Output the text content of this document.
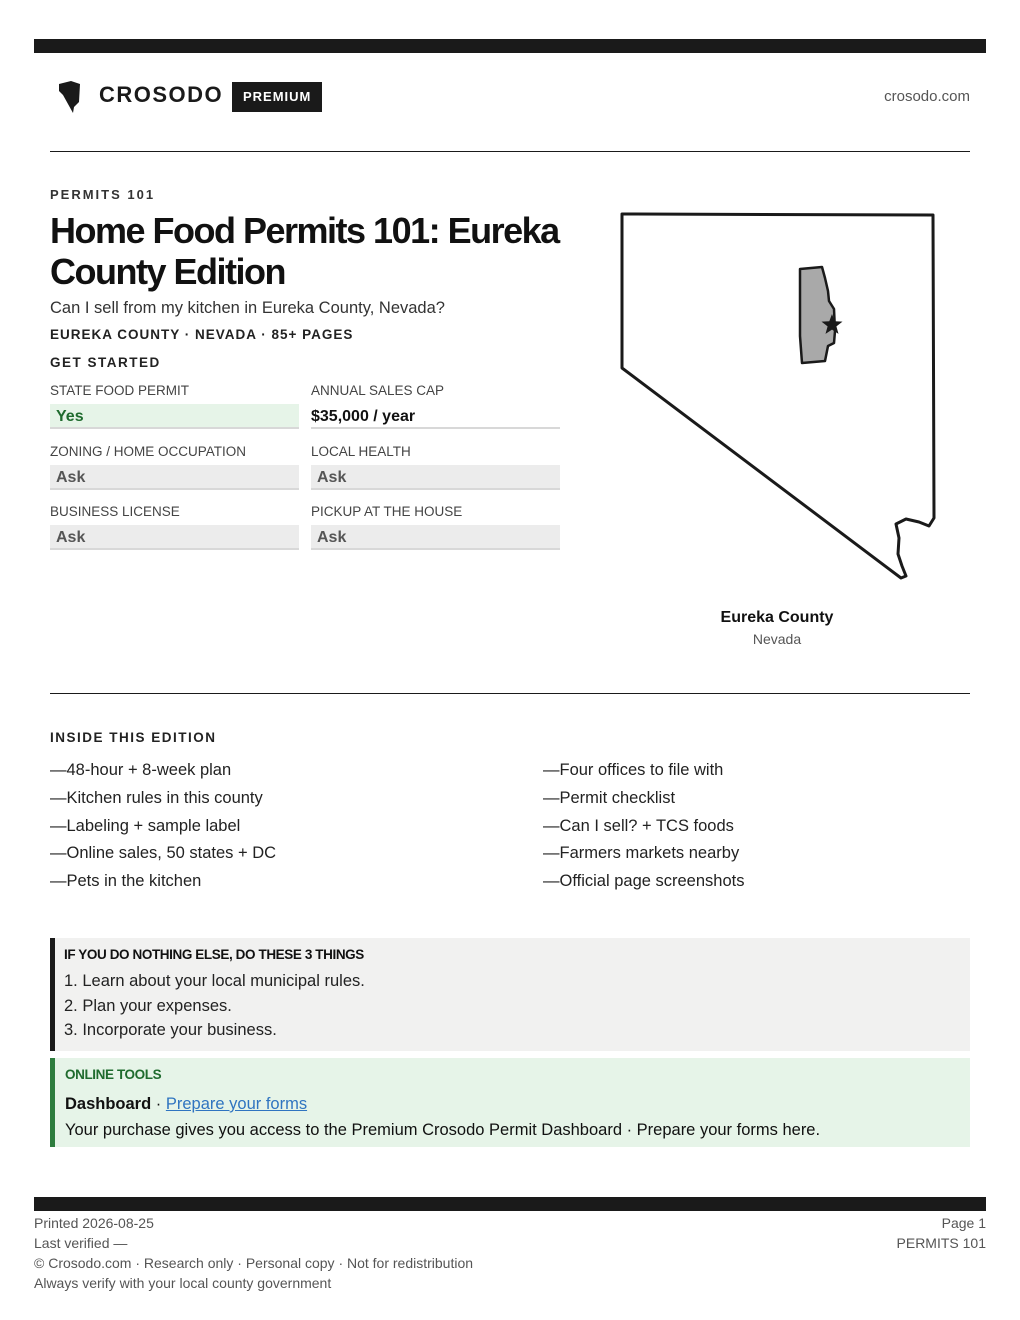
CROSODO	PREMIUM	crosodo.com
PERMITS 101
Home Food Permits 101: Eureka County Edition
Can I sell from my kitchen in Eureka County, Nevada?
EUREKA COUNTY · NEVADA · 85+ PAGES
GET STARTED
STATE FOOD PERMIT
Yes
ANNUAL SALES CAP
$35,000 / year
ZONING / HOME OCCUPATION
Ask
LOCAL HEALTH
Ask
BUSINESS LICENSE
Ask
PICKUP AT THE HOUSE
Ask
Eureka County
Nevada
INSIDE THIS EDITION
—48-hour + 8-week plan
—Kitchen rules in this county
—Labeling + sample label
—Online sales, 50 states + DC
—Pets in the kitchen
—Four offices to file with
—Permit checklist
—Can I sell? + TCS foods
—Farmers markets nearby
—Official page screenshots
IF YOU DO NOTHING ELSE, DO THESE 3 THINGS
1. Learn about your local municipal rules.
2. Plan your expenses.
3. Incorporate your business.
ONLINE TOOLS
Dashboard · Prepare your forms
Your purchase gives you access to the Premium Crosodo Permit Dashboard · Prepare your forms here.
Printed 2026-08-25
Last verified —
© Crosodo.com · Research only · Personal copy · Not for redistribution
Always verify with your local county government
Page 1
PERMITS 101
